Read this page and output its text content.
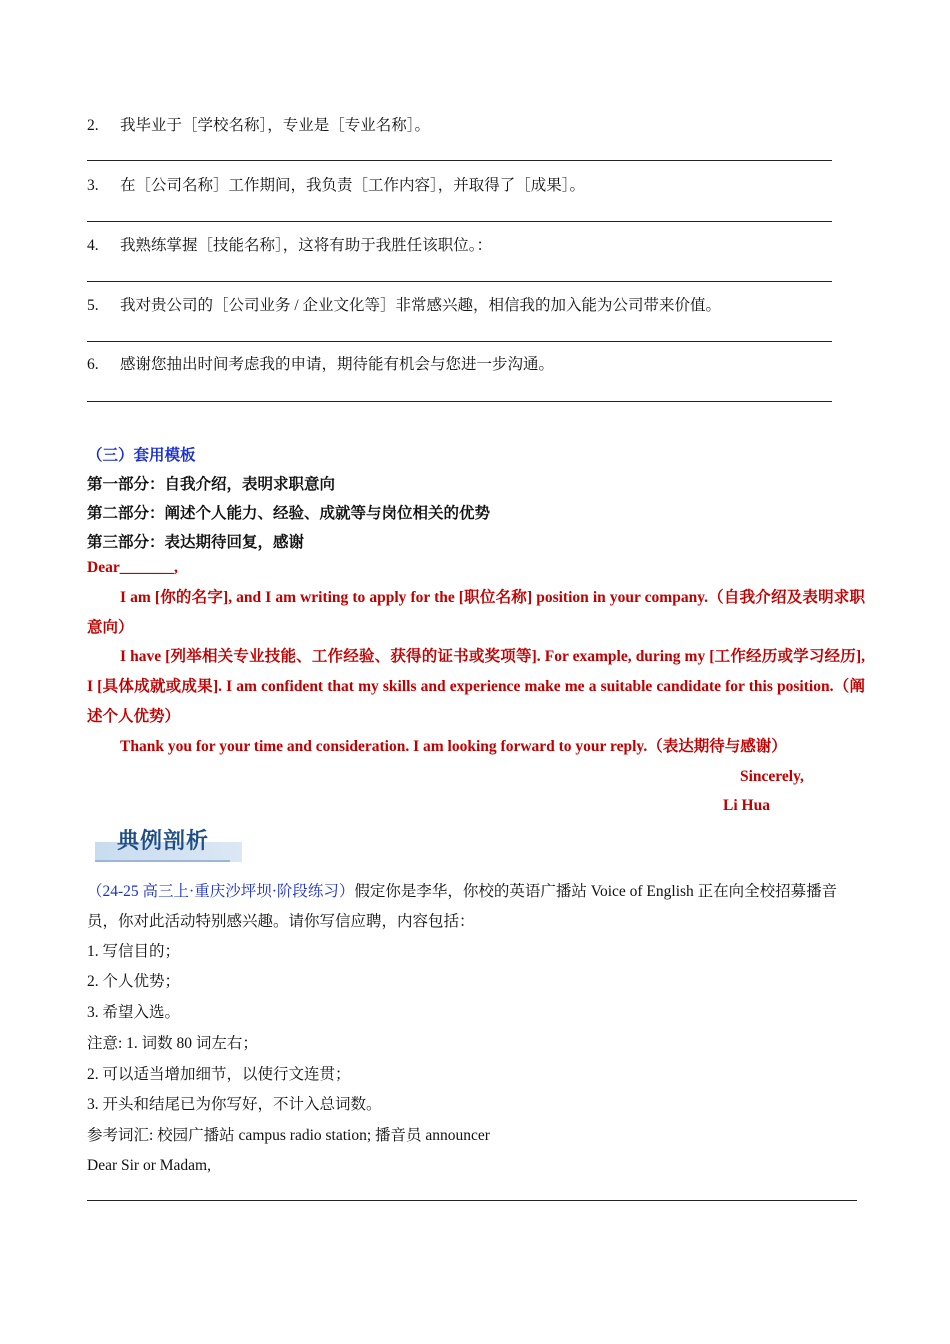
2. 我毕业于［学校名称］，专业是［专业名称］。
3. 在［公司名称］工作期间，我负责［工作内容］，并取得了［成果］。
4. 我熟练掌握［技能名称］，这将有助于我胜任该职位。：
5. 我对贵公司的［公司业务 / 企业文化等］非常感兴趣，相信我的加入能为公司带来价值。
6. 感谢您抽出时间考虑我的申请，期待能有机会与您进一步沟通。
（三）套用模板
第一部分：自我介绍，表明求职意向
第二部分：阐述个人能力、经验、成就等与岗位相关的优势
第三部分：表达期待回复，感谢
Dear_______,
I am [你的名字], and I am writing to apply for the [职位名称] position in your company.（自我介绍及表明求职意向）
I have [列举相关专业技能、工作经验、获得的证书或奖项等]. For example, during my [工作经历或学习经历], I [具体成就或成果]. I am confident that my skills and experience make me a suitable candidate for this position.（阐述个人优势）
Thank you for your time and consideration. I am looking forward to your reply.（表达期待与感谢）
Sincerely,
Li Hua
典例剖析
（24-25 高三上·重庆沙坪坝·阶段练习）假定你是李华，你校的英语广播站 Voice of English 正在向全校招募播音员，你对此活动特别感兴趣。请你写信应聘，内容包括：
1. 写信目的；
2. 个人优势；
3. 希望入选。
注意: 1. 词数 80 词左右；
2. 可以适当增加细节，以使行文连贯；
3. 开头和结尾已为你写好，不计入总词数。
参考词汇: 校园广播站 campus radio station; 播音员 announcer
Dear Sir or Madam,
